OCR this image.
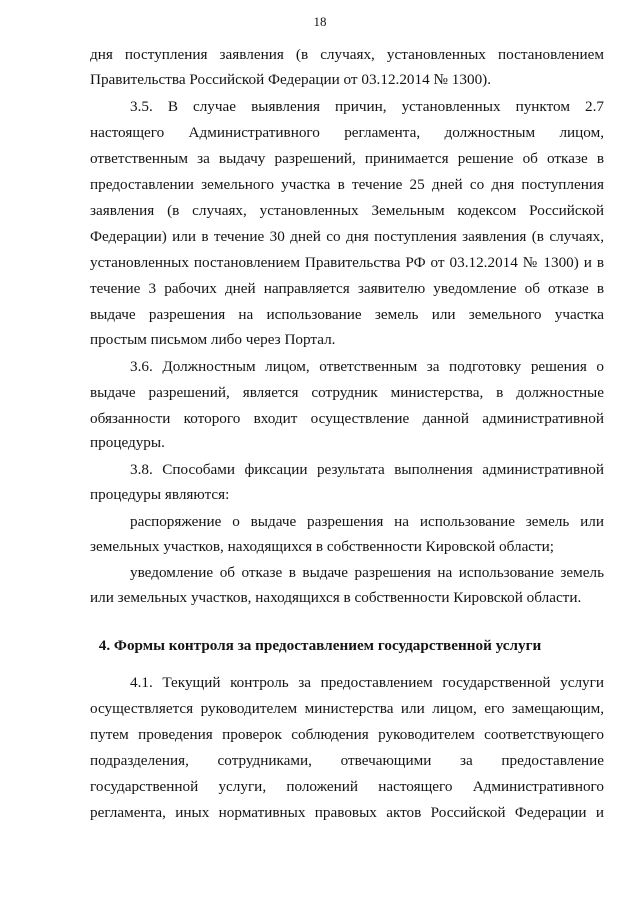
18
дня поступления заявления (в случаях, установленных постановлением
Правительства Российской Федерации от 03.12.2014 № 1300).
3.5. В случае выявления причин, установленных пунктом 2.7
настоящего Административного регламента, должностным лицом,
ответственным за выдачу разрешений, принимается решение об отказе в
предоставлении земельного участка в течение 25 дней со дня поступления
заявления (в случаях, установленных Земельным кодексом Российской
Федерации) или в течение 30 дней со дня поступления заявления (в случаях,
установленных постановлением Правительства РФ от 03.12.2014 № 1300) и в
течение 3 рабочих дней направляется заявителю уведомление об отказе в
выдаче разрешения на использование земель или земельного участка
простым письмом либо через Портал.
3.6. Должностным лицом, ответственным за подготовку решения о
выдаче разрешений, является сотрудник министерства, в должностные
обязанности которого входит осуществление данной административной
процедуры.
3.8. Способами фиксации результата выполнения административной
процедуры являются:
распоряжение о выдаче разрешения на использование земель или
земельных участков, находящихся в собственности Кировской области;
уведомление об отказе в выдаче разрешения на использование земель
или земельных участков, находящихся в собственности Кировской области.
4. Формы контроля за предоставлением государственной услуги
4.1. Текущий контроль за предоставлением государственной услуги
осуществляется руководителем министерства или лицом, его замещающим,
путем проведения проверок соблюдения руководителем соответствующего
подразделения, сотрудниками, отвечающими за предоставление
государственной услуги, положений настоящего Административного
регламента, иных нормативных правовых актов Российской Федерации и
